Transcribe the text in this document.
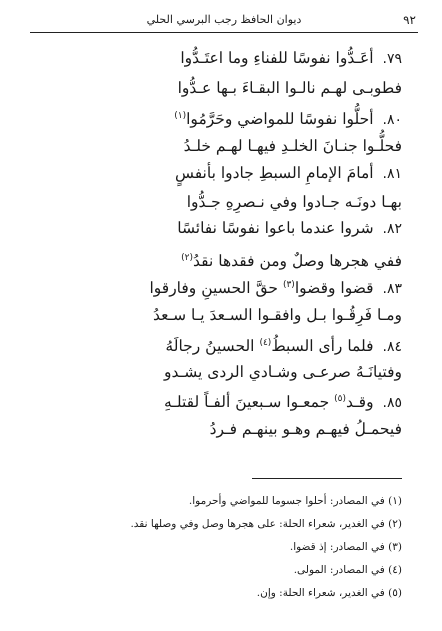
٩٢
ديوان الحافظ رجب البرسي الحلي
٧٩. أعَـدُّوا نفوسًا للفناءِ وما اعتَـدُّوا
فطوبـى لهـم نالـوا البقـاءَ بـها عـدُّوا
٨٠. أحلُّوا نفوسًا للمواضي وحَرَّمُوا$^{(١)}$
فحلُّـوا جنـانَ الخلـدِ فيهـا لهـم خلـدُ
٨١. أمامَ الإمامِ السبطِ جادوا بأنفسٍ
بهـا دونَـه جـادوا وفي نـصرِهِ جـدُّوا
٨٢. شروا عندما باعوا نفوسًا نفائسًا
ففي هجرها وصلٌ ومن فقدها نقدُ$^{(٢)}$
٨٣. قضوا وقضوا$^{(٣)}$ حقَّ الحسينِ وفارقوا
ومـا فَرِقُـوا بـل وافقـوا السـعدَ يـا سـعدُ
٨٤. فلما رأى السبطُ$^{(٤)}$ الحسينُ رجالَهُ
وفتيانَـهُ صرعـى وشـادي الردى يشـدو
٨٥. وقـد$^{(٥)}$ جمعـوا سـبعينَ ألفـاً لقتلـهِ
فيحمـلُ فيهـم وهـو بينهـم فـردُ
(١) في المصادر: أحلوا جسوما للمواضي وأحرموا.
(٢) في الغدير، شعراء الحلة: على هجرها وصل وفي وصلها نقد.
(٣) في المصادر: إذ قضوا.
(٤) في المصادر: المولى.
(٥) في الغدير، شعراء الحلة: وإن.
